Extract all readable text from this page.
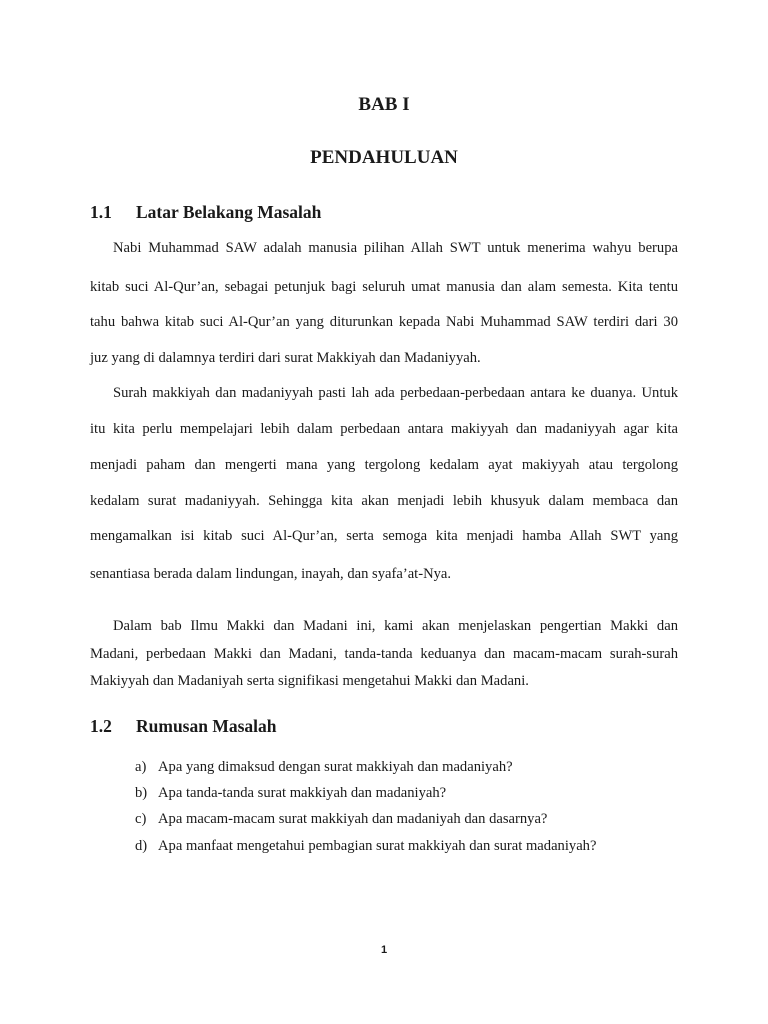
BAB I
PENDAHULUAN
1.1 Latar Belakang Masalah
Nabi Muhammad SAW adalah manusia pilihan Allah SWT untuk menerima wahyu berupa
kitab suci Al-Qur’an, sebagai petunjuk bagi seluruh umat manusia dan alam semesta. Kita tentu
tahu bahwa kitab suci Al-Qur’an yang diturunkan kepada Nabi Muhammad SAW terdiri dari 30
juz yang di dalamnya terdiri dari surat Makkiyah dan Madaniyyah.
Surah makkiyah dan madaniyyah pasti lah ada perbedaan-perbedaan antara ke duanya. Untuk
itu kita perlu mempelajari lebih dalam perbedaan antara makiyyah dan madaniyyah agar kita
menjadi paham dan mengerti mana yang tergolong kedalam ayat makiyyah atau tergolong
kedalam surat madaniyyah. Sehingga kita akan menjadi lebih khusyuk dalam membaca dan
mengamalkan isi kitab suci Al-Qur’an, serta semoga kita menjadi hamba Allah SWT yang
senantiasa berada dalam lindungan, inayah, dan syafa’at-Nya.
Dalam bab Ilmu Makki dan Madani ini, kami akan menjelaskan pengertian Makki dan
Madani, perbedaan Makki dan Madani, tanda-tanda keduanya dan macam-macam surah-surah
Makiyyah dan Madaniyah serta signifikasi mengetahui Makki dan Madani.
1.2 Rumusan Masalah
a) Apa yang dimaksud dengan surat makkiyah dan madaniyah?
b) Apa tanda-tanda surat makkiyah dan madaniyah?
c) Apa macam-macam surat makkiyah dan madaniyah dan dasarnya?
d) Apa manfaat mengetahui pembagian surat makkiyah dan surat madaniyah?
1
